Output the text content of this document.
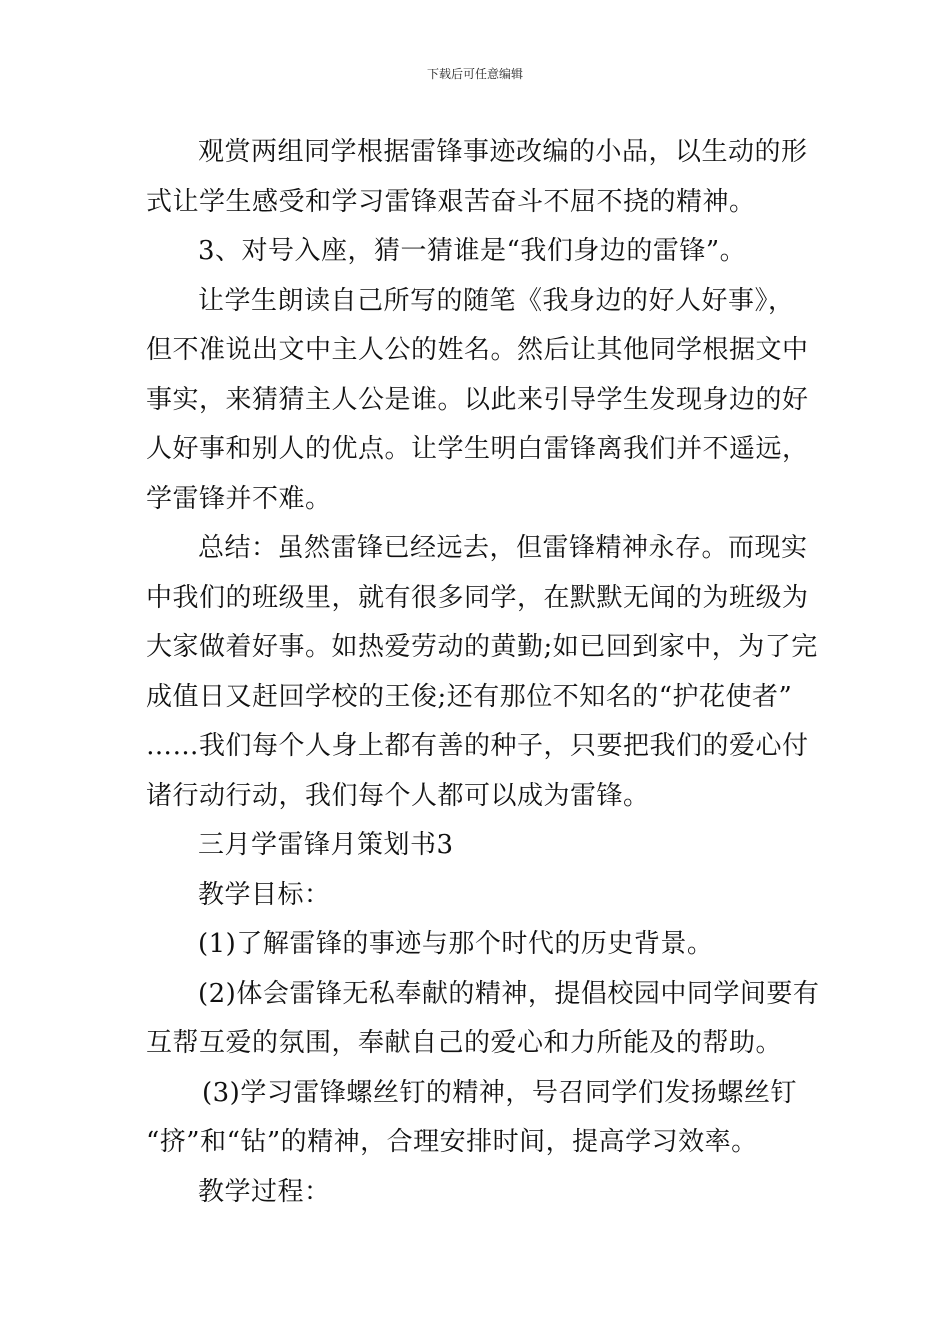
下载后可任意编辑
观赏两组同学根据雷锋事迹改编的小品，以生动的形
式让学生感受和学习雷锋艰苦奋斗不屈不挠的精神。
3、对号入座，猜一猜谁是“我们身边的雷锋”。
让学生朗读自己所写的随笔《我身边的好人好事》，
但不准说出文中主人公的姓名。然后让其他同学根据文中
事实，来猜猜主人公是谁。以此来引导学生发现身边的好
人好事和别人的优点。让学生明白雷锋离我们并不遥远，
学雷锋并不难。
总结：虽然雷锋已经远去，但雷锋精神永存。而现实
中我们的班级里，就有很多同学，在默默无闻的为班级为
大家做着好事。如热爱劳动的黄勤;如已回到家中，为了完
成值日又赶回学校的王俊;还有那位不知名的“护花使者”
……我们每个人身上都有善的种子，只要把我们的爱心付
诸行动行动，我们每个人都可以成为雷锋。
三月学雷锋月策划书3
教学目标：
(1)了解雷锋的事迹与那个时代的历史背景。
(2)体会雷锋无私奉献的精神，提倡校园中同学间要有
互帮互爱的氛围，奉献自己的爱心和力所能及的帮助。
(3)学习雷锋螺丝钉的精神，号召同学们发扬螺丝钉
“挤”和“钻”的精神，合理安排时间，提高学习效率。
教学过程：
